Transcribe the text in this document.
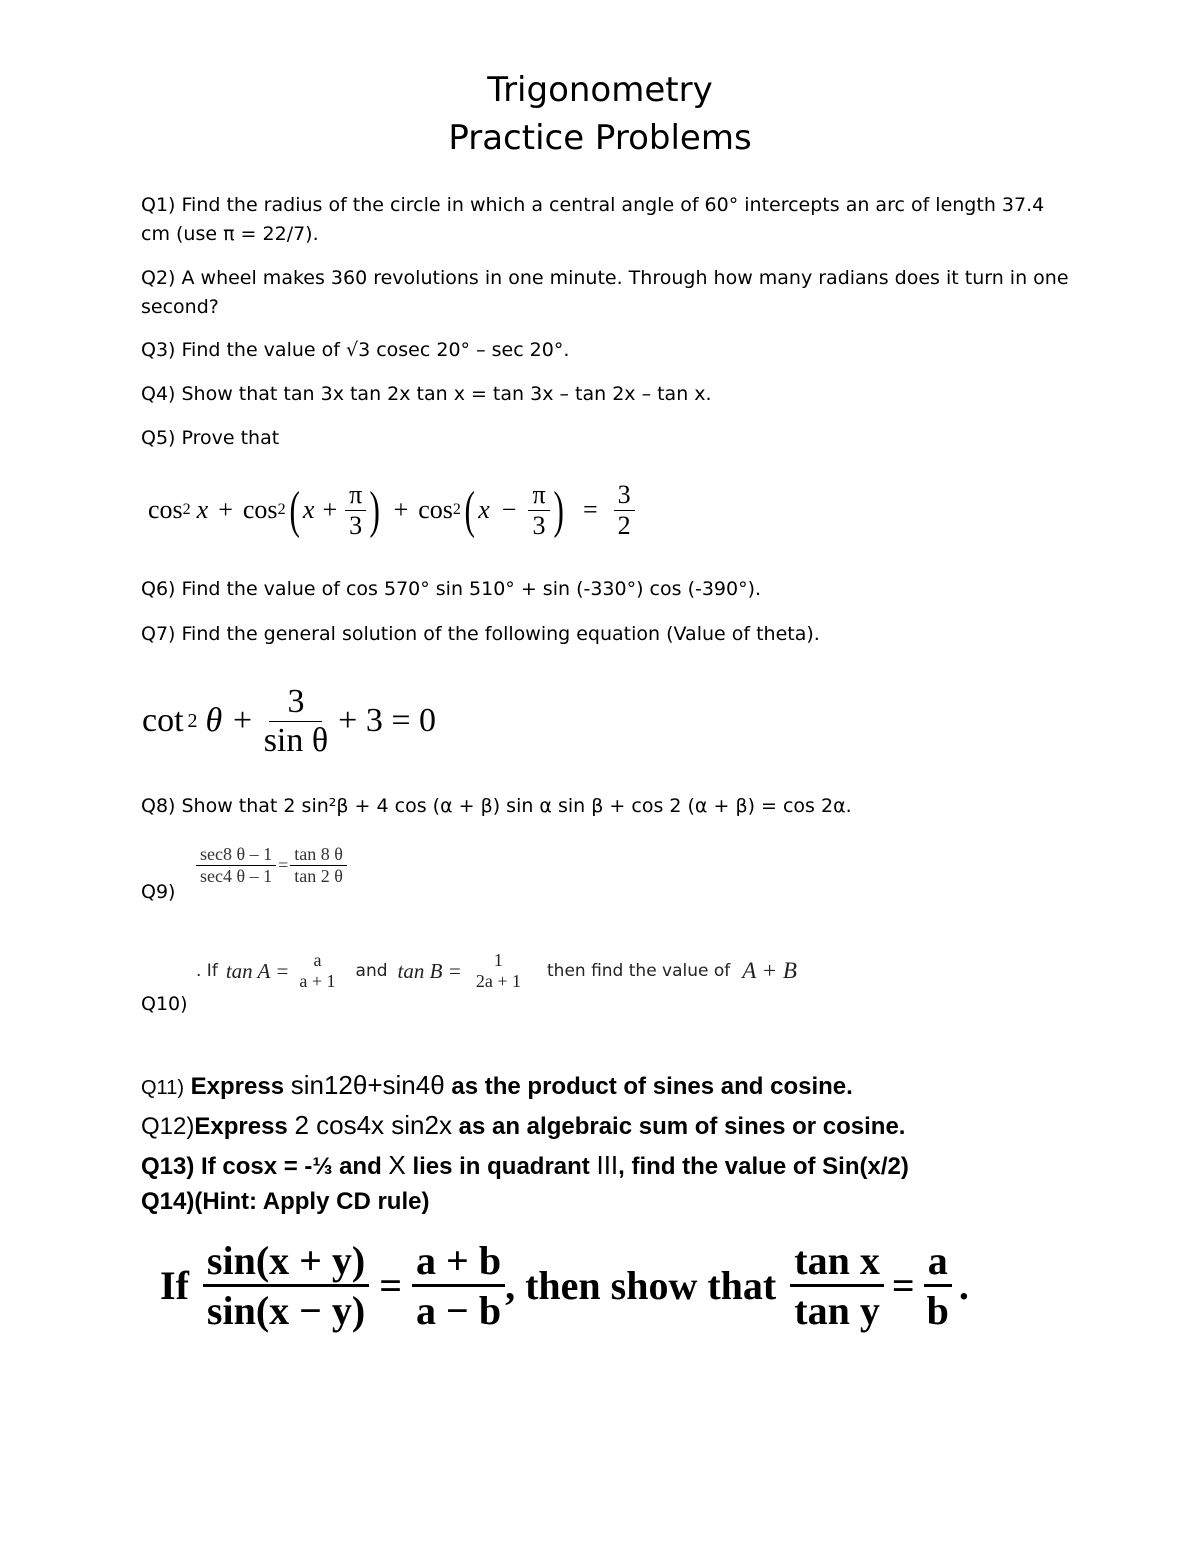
Trigonometry
Practice Problems
Q1) Find the radius of the circle in which a central angle of 60° intercepts an arc of length 37.4 cm (use π = 22/7).
Q2) A wheel makes 360 revolutions in one minute. Through how many radians does it turn in one second?
Q3) Find the value of √3 cosec 20° – sec 20°.
Q4) Show that tan 3x tan 2x tan x = tan 3x – tan 2x – tan x.
Q5) Prove that
cos 2 x + cos 2 ( $x + \frac{\pi}{3}$ ) + cos 2 ( $x - \frac{\pi}{3}$ ) = $\frac{3}{2}$
Q6) Find the value of cos 570° sin 510° + sin (-330°) cos (-390°).
Q7) Find the general solution of the following equation (Value of theta).
cot 2 $\theta + \frac{3}{\text{sin θ}} + 3 = 0$
Q8) Show that 2 sin²β + 4 cos (α + β) sin α sin β + cos 2 (α + β) = cos 2α.
$\frac{\sec 8 \theta - 1}{\sec 4 \theta - 1} = \frac{\tan 8 \theta}{\tan 2 \theta}$
Q9)
. If tan A = a
a + 1 and tan B = 1
2a + 1 then find the value of A + B
Q10)
Q11) Express sin12θ+sin4θ as the product of sines and cosine.
Q12)Express 2 cos4x sin2x as an algebraic sum of sines or cosine.
Q13) If cosx = -⅓ and X lies in quadrant III, find the value of Sin(x/2)
Q14)(Hint: Apply CD rule)
If $\frac{\sin(x + y)}{\sin(x - y)} = \frac{a + b}{a - b}$ , then show that $\frac{\text{tan x}}{\text{tan y}} = \frac{a}{b}$ .
